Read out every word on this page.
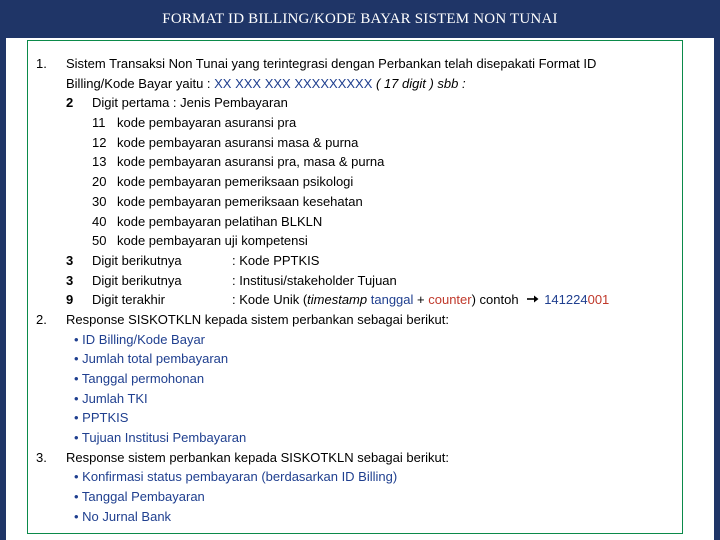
FORMAT ID BILLING/KODE BAYAR SISTEM NON TUNAI
1. Sistem Transaksi Non Tunai yang terintegrasi dengan Perbankan telah disepakati Format ID
Billing/Kode Bayar yaitu : XX XXX XXX XXXXXXXXX ( 17 digit ) sbb :
2 Digit pertama : Jenis Pembayaran
11 kode pembayaran asuransi pra
12 kode pembayaran asuransi masa & purna
13 kode pembayaran asuransi pra, masa & purna
20 kode pembayaran pemeriksaan psikologi
30 kode pembayaran pemeriksaan kesehatan
40 kode pembayaran pelatihan BLKLN
50 kode pembayaran uji kompetensi
3 Digit berikutnya	: Kode PPTKIS
3 Digit berikutnya	: Institusi/stakeholder Tujuan
9 Digit terakhir	: Kode Unik (timestamp tanggal + counter) contoh 141224001
2. Response SISKOTKLN kepada sistem perbankan sebagai berikut:
• ID Billing/Kode Bayar
• Jumlah total pembayaran
• Tanggal permohonan
• Jumlah TKI
• PPTKIS
• Tujuan Institusi Pembayaran
3. Response sistem perbankan kepada SISKOTKLN sebagai berikut:
• Konfirmasi status pembayaran (berdasarkan ID Billing)
• Tanggal Pembayaran
• No Jurnal Bank
